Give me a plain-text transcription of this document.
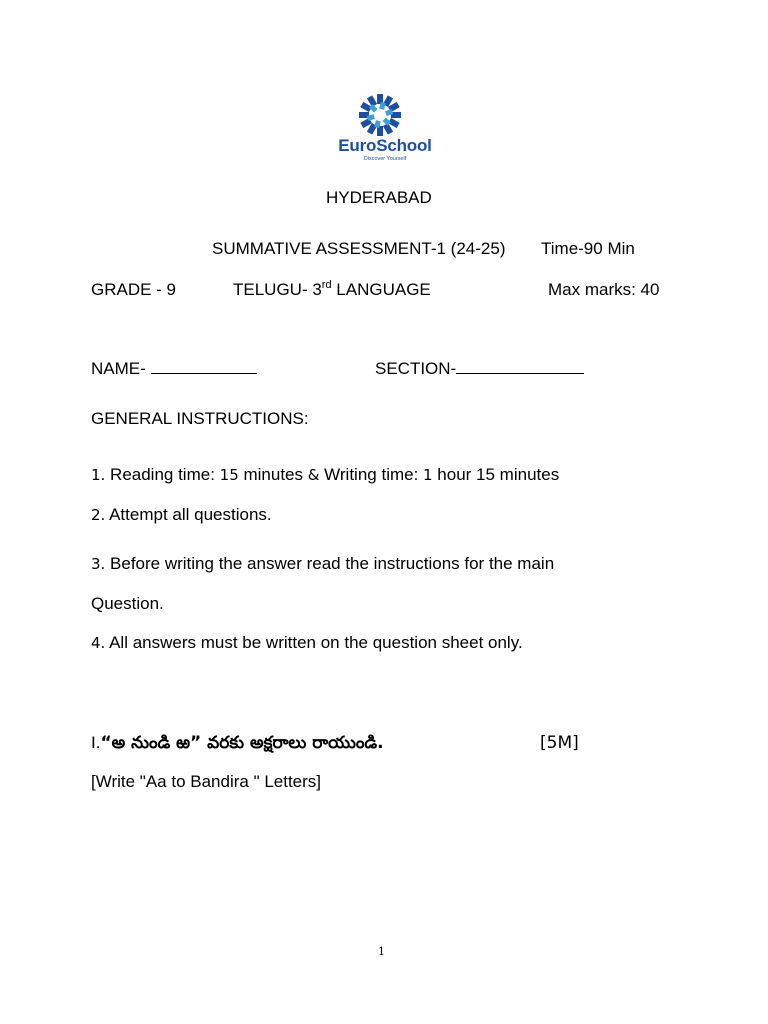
EuroSchool
Discover Yourself
HYDERABAD
SUMMATIVE ASSESSMENT-1 (24-25) Time-90 Min
GRADE - 9	TELUGU- 3rd LANGUAGE	Max marks: 40
NAME-	SECTION-
GENERAL INSTRUCTIONS:
1. Reading time: 15 minutes & Writing time: 1 hour 15 minutes
2. Attempt all questions.
3. Before writing the answer read the instructions for the main
Question.
4. All answers must be written on the question sheet only.
I.“అ నుండి ఱ” వరకు అక్షరాలు రాయుండి.	[5M]
[Write "Aa to Bandira " Letters]
1
